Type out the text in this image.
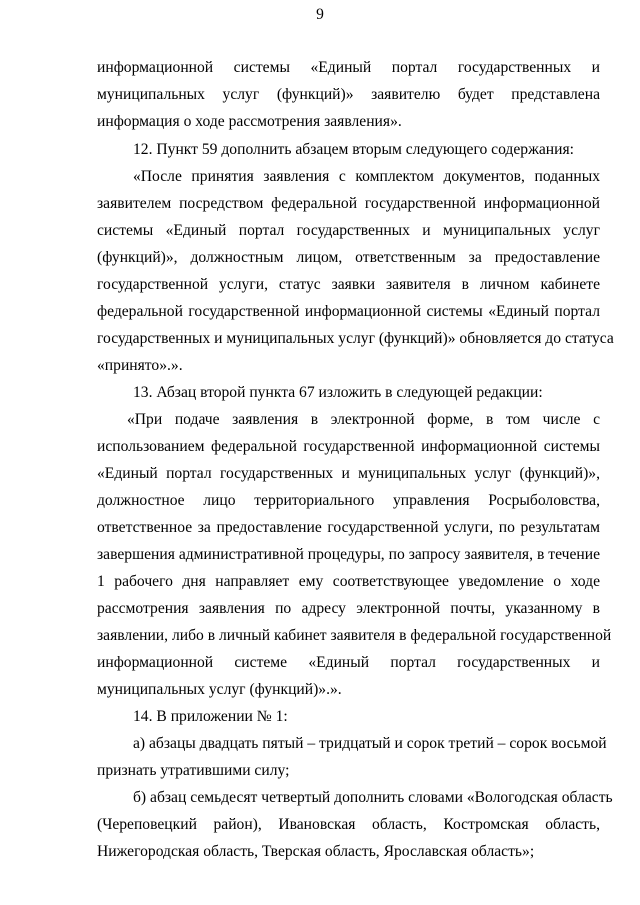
9
информационной системы «Единый портал государственных и
муниципальных услуг (функций)» заявителю будет представлена
информация о ходе рассмотрения заявления».
12. Пункт 59 дополнить абзацем вторым следующего содержания:
«После принятия заявления с комплектом документов, поданных
заявителем посредством федеральной государственной информационной
системы «Единый портал государственных и муниципальных услуг
(функций)», должностным лицом, ответственным за предоставление
государственной услуги, статус заявки заявителя в личном кабинете
федеральной государственной информационной системы «Единый портал
государственных и муниципальных услуг (функций)» обновляется до статуса
«принято».».
13. Абзац второй пункта 67 изложить в следующей редакции:
«При подаче заявления в электронной форме, в том числе с
использованием федеральной государственной информационной системы
«Единый портал государственных и муниципальных услуг (функций)»,
должностное лицо территориального управления Росрыболовства,
ответственное за предоставление государственной услуги, по результатам
завершения административной процедуры, по запросу заявителя, в течение
1 рабочего дня направляет ему соответствующее уведомление о ходе
рассмотрения заявления по адресу электронной почты, указанному в
заявлении, либо в личный кабинет заявителя в федеральной государственной
информационной системе «Единый портал государственных и
муниципальных услуг (функций)».».
14. В приложении № 1:
а) абзацы двадцать пятый – тридцатый и сорок третий – сорок восьмой
признать утратившими силу;
б) абзац семьдесят четвертый дополнить словами «Вологодская область
(Череповецкий район), Ивановская область, Костромская область,
Нижегородская область, Тверская область, Ярославская область»;
